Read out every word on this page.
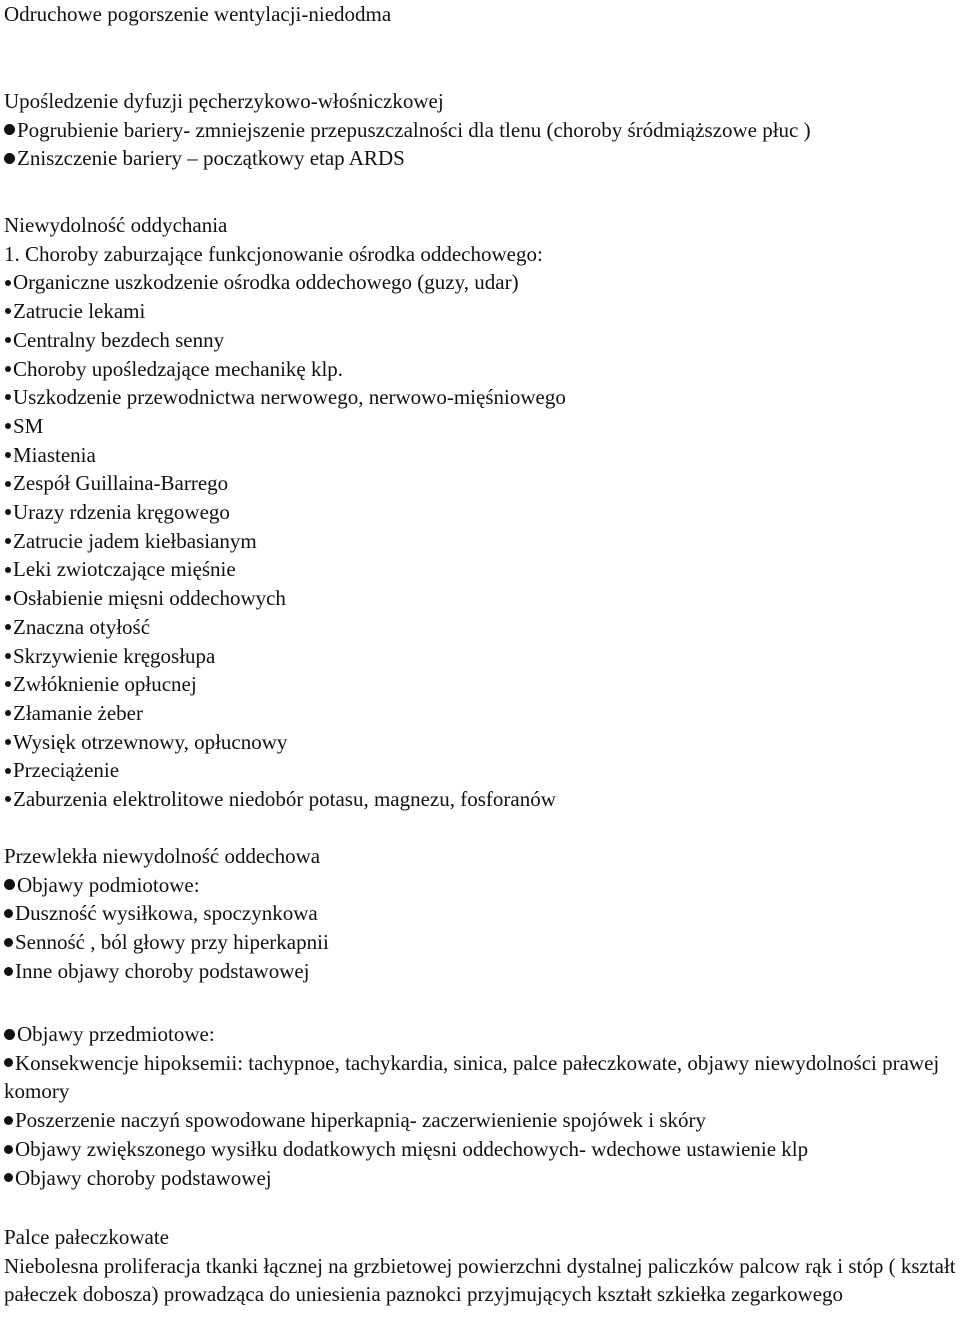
Odruchowe pogorszenie wentylacji-niedodma
Upośledzenie dyfuzji pęcherzykowo-włośniczkowej
Pogrubienie bariery- zmniejszenie przepuszczalności dla tlenu (choroby śródmiąższowe płuc )
Zniszczenie bariery – początkowy etap ARDS
Niewydolność oddychania
1. Choroby zaburzające funkcjonowanie ośrodka oddechowego:
Organiczne uszkodzenie ośrodka oddechowego (guzy, udar)
Zatrucie lekami
Centralny bezdech senny
Choroby upośledzające mechanikę klp.
Uszkodzenie przewodnictwa nerwowego, nerwowo-mięśniowego
SM
Miastenia
Zespół Guillaina-Barrego
Urazy rdzenia kręgowego
Zatrucie jadem kiełbasianym
Leki zwiotczające mięśnie
Osłabienie mięsni oddechowych
Znaczna otyłość
Skrzywienie kręgosłupa
Zwłóknienie opłucnej
Złamanie żeber
Wysięk otrzewnowy, opłucnowy
Przeciążenie
Zaburzenia elektrolitowe niedobór potasu, magnezu, fosforanów
Przewlekła niewydolność oddechowa
Objawy podmiotowe:
Duszność wysiłkowa, spoczynkowa
Senność , ból głowy przy hiperkapnii
Inne objawy choroby podstawowej
Objawy przedmiotowe:
Konsekwencje hipoksemii: tachypnoe, tachykardia, sinica, palce pałeczkowate, objawy niewydolności prawej komory
Poszerzenie naczyń spowodowane hiperkapnią- zaczerwienienie spojówek i skóry
Objawy zwiększonego wysiłku dodatkowych mięsni oddechowych- wdechowe ustawienie klp
Objawy choroby podstawowej
Palce pałeczkowate
Niebolesna proliferacja tkanki łącznej na grzbietowej powierzchni dystalnej paliczków palcow rąk i stóp ( kształt pałeczek dobosza) prowadząca do uniesienia paznokci przyjmujących kształt szkiełka zegarkowego
